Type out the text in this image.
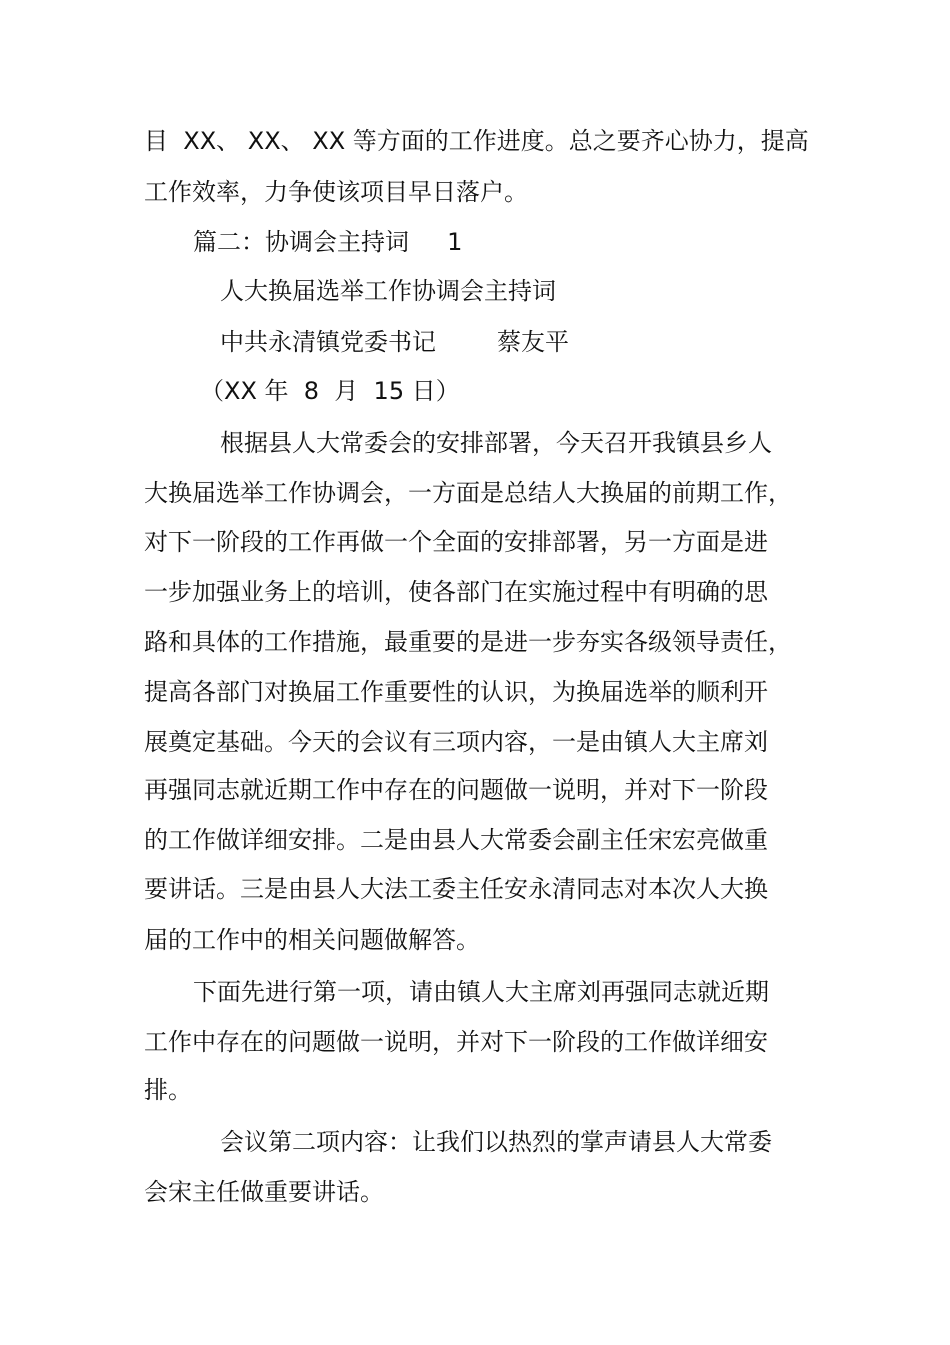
目  XX、 XX、 XX 等方面的工作进度。总之要齐心协力，提高

工作效率，力争使该项目早日落户。

篇二：协调会主持词     1

人大换届选举工作协调会主持词

中共永清镇党委书记        蔡友平

（XX 年  8  月  15 日）

根据县人大常委会的安排部署，今天召开我镇县乡人

大换届选举工作协调会，一方面是总结人大换届的前期工作，

对下一阶段的工作再做一个全面的安排部署，另一方面是进

一步加强业务上的培训，使各部门在实施过程中有明确的思

路和具体的工作措施，最重要的是进一步夯实各级领导责任，

提高各部门对换届工作重要性的认识，为换届选举的顺利开

展奠定基础。今天的会议有三项内容，一是由镇人大主席刘

再强同志就近期工作中存在的问题做一说明，并对下一阶段

的工作做详细安排。二是由县人大常委会副主任宋宏亮做重

要讲话。三是由县人大法工委主任安永清同志对本次人大换

届的工作中的相关问题做解答。

下面先进行第一项，请由镇人大主席刘再强同志就近期

工作中存在的问题做一说明，并对下一阶段的工作做详细安

排。

会议第二项内容：让我们以热烈的掌声请县人大常委

会宋主任做重要讲话。
